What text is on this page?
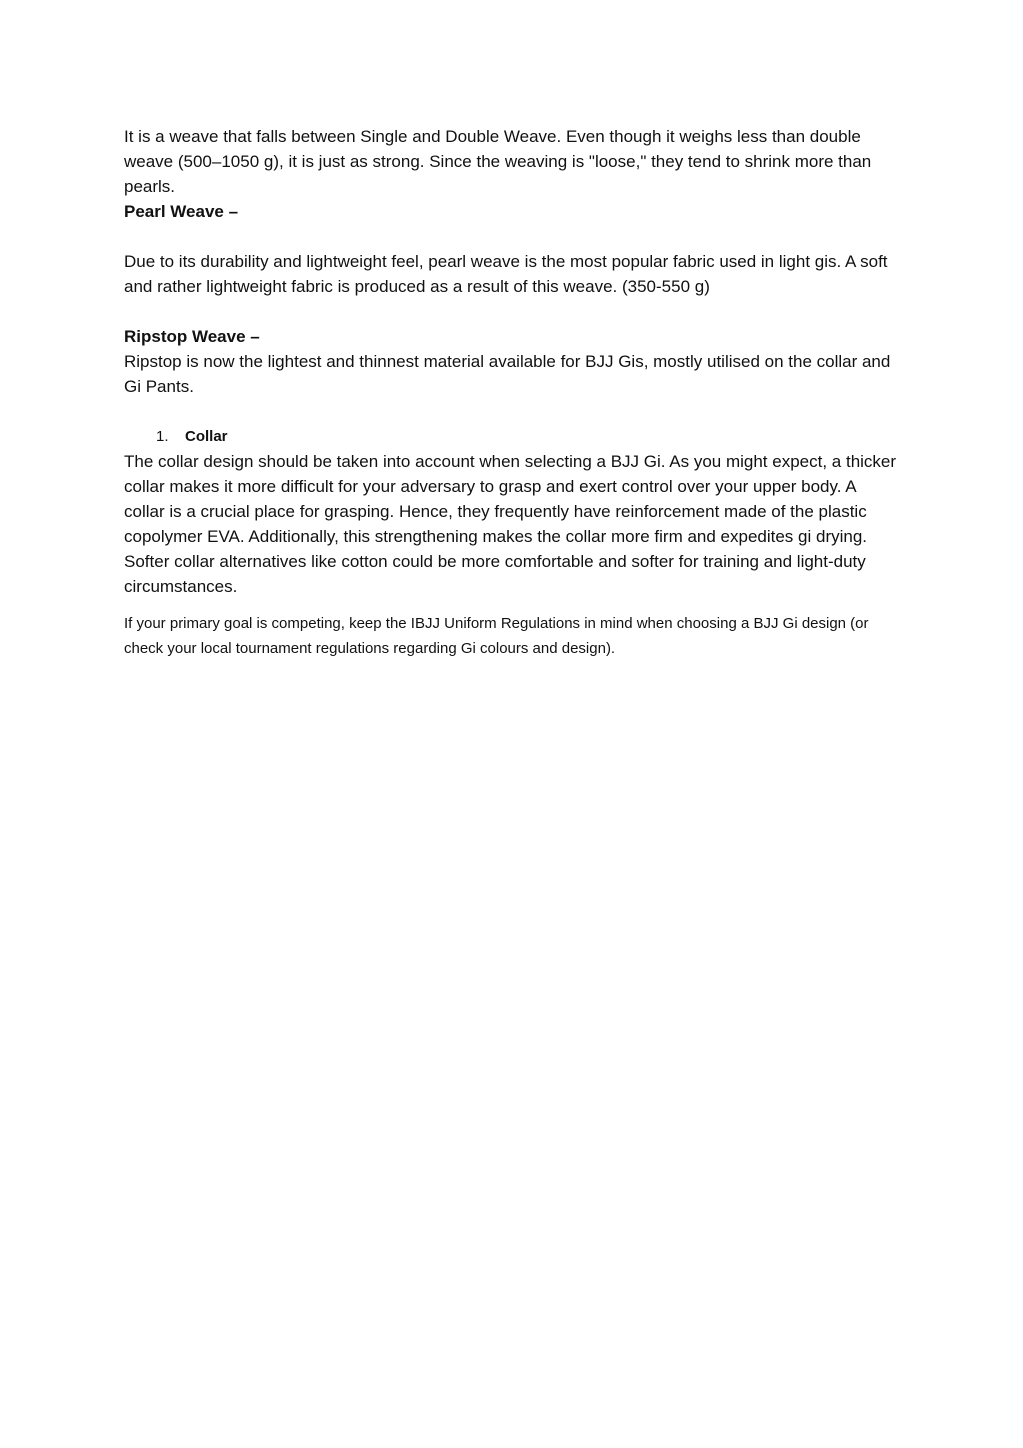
It is a weave that falls between Single and Double Weave. Even though it weighs less than double weave (500–1050 g), it is just as strong. Since the weaving is "loose," they tend to shrink more than pearls.

Pearl Weave –

Due to its durability and lightweight feel, pearl weave is the most popular fabric used in light gis. A soft and rather lightweight fabric is produced as a result of this weave. (350-550 g)

Ripstop Weave –

Ripstop is now the lightest and thinnest material available for BJJ Gis, mostly utilised on the collar and Gi Pants.

1.	Collar

The collar design should be taken into account when selecting a BJJ Gi. As you might expect, a thicker collar makes it more difficult for your adversary to grasp and exert control over your upper body. A collar is a crucial place for grasping. Hence, they frequently have reinforcement made of the plastic copolymer EVA. Additionally, this strengthening makes the collar more firm and expedites gi drying. Softer collar alternatives like cotton could be more comfortable and softer for training and light-duty circumstances.

If your primary goal is competing, keep the IBJJ Uniform Regulations in mind when choosing a BJJ Gi design (or check your local tournament regulations regarding Gi colours and design).
